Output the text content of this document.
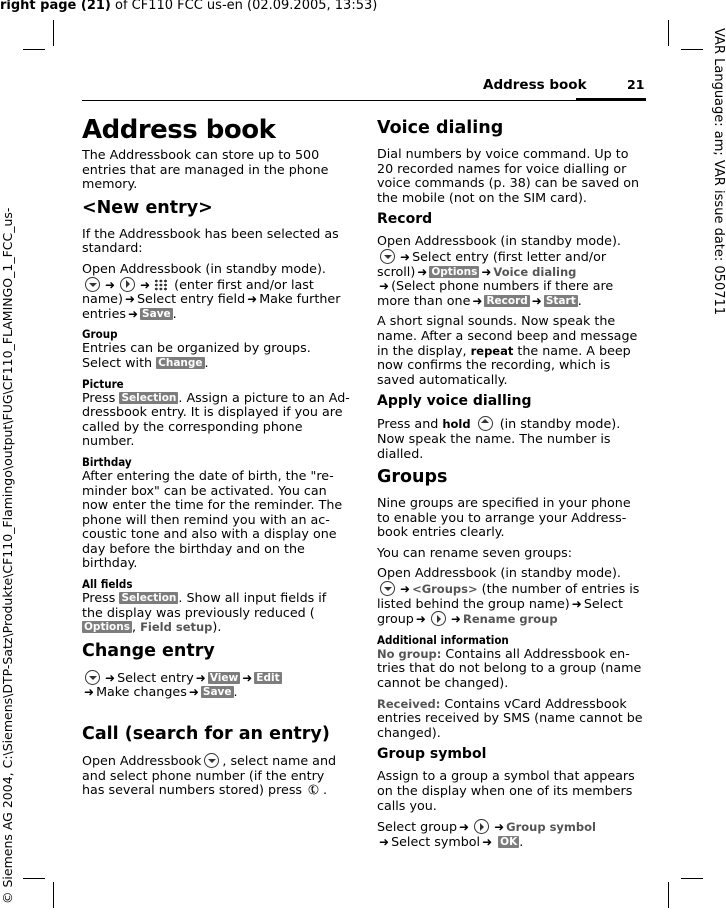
right page (21) of CF110 FCC us-en (02.09.2005, 13:53)
VAR Language: am; VAR issue date: 050711
© Siemens AG 2004, C:\Siemens\DTP-Satz\Produkte\CF110_Flamingo\output\FUG\CF110_FLAMINGO_1_FCC_us-
Address book	21
Address book

The Addressbook can store up to 500 entries that are managed in the phone memory.

<New entry>

If the Addressbook has been selected as standard:

Open Addressbook (in standby mode).
➜ ➜ (enter first and/or last name) ➜ Select entry field ➜ Make further entries ➜ Save .

Group

Entries can be organized by groups. Select with Change .

Picture

Press Selection . Assign a picture to an Ad-dressbook entry. It is displayed if you are called by the corresponding phone number.

Birthday

After entering the date of birth, the "re-minder box" can be activated. You can now enter the time for the reminder. The phone will then remind you with an ac-coustic tone and also with a display one day before the birthday and on the birthday.

All fields

Press Selection . Show all input fields if the display was previously reduced (Options , Field setup).

Change entry

➜ Select entry ➜ View ➜ Edit
➜ Make changes ➜ Save .

Call (search for an entry)

Open Addressbook , select name and and select phone number (if the entry has several numbers stored) press ✆.

Voice dialing

Dial numbers by voice command. Up to 20 recorded names for voice dialling or voice commands (p. 38) can be saved on the mobile (not on the SIM card).

Record

Open Addressbook (in standby mode).
➜ Select entry (first letter and/or scroll) ➜ Options ➜ Voice dialing
➜ (Select phone numbers if there are more than one ➜ Record ➜ Start .

A short signal sounds. Now speak the name. After a second beep and message in the display, repeat the name. A beep now confirms the recording, which is saved automatically.

Apply voice dialling

Press and hold (in standby mode). Now speak the name. The number is dialled.

Groups

Nine groups are specified in your phone to enable you to arrange your Address-book entries clearly.

You can rename seven groups:

Open Addressbook (in standby mode).
➜ <Groups> (the number of entries is listed behind the group name) ➜ Select group ➜ ➜ Rename group

Additional information

No group: Contains all Addressbook en-tries that do not belong to a group (name cannot be changed).

Received: Contains vCard Addressbook entries received by SMS (name cannot be changed).

Group symbol

Assign to a group a symbol that appears on the display when one of its members calls you.

Select group ➜ ➜ Group symbol
➜ Select symbol ➜ OK .
